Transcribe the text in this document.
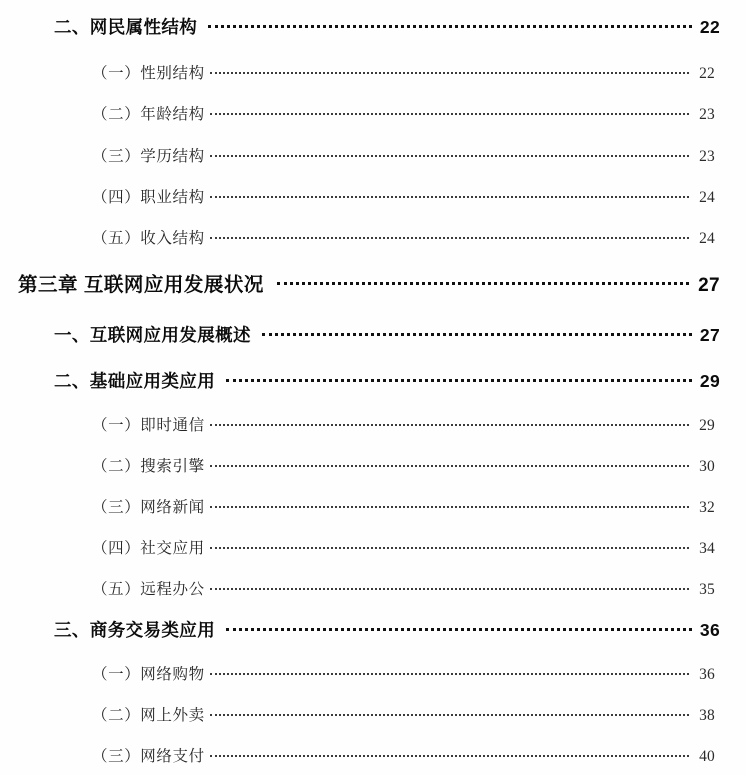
二、网民属性结构	22
（一）性别结构	22
（二）年龄结构	23
（三）学历结构	23
（四）职业结构	24
（五）收入结构	24
第三章 互联网应用发展状况	27
一、互联网应用发展概述	27
二、基础应用类应用	29
（一）即时通信	29
（二）搜索引擎	30
（三）网络新闻	32
（四）社交应用	34
（五）远程办公	35
三、商务交易类应用	36
（一）网络购物	36
（二）网上外卖	38
（三）网络支付	40
